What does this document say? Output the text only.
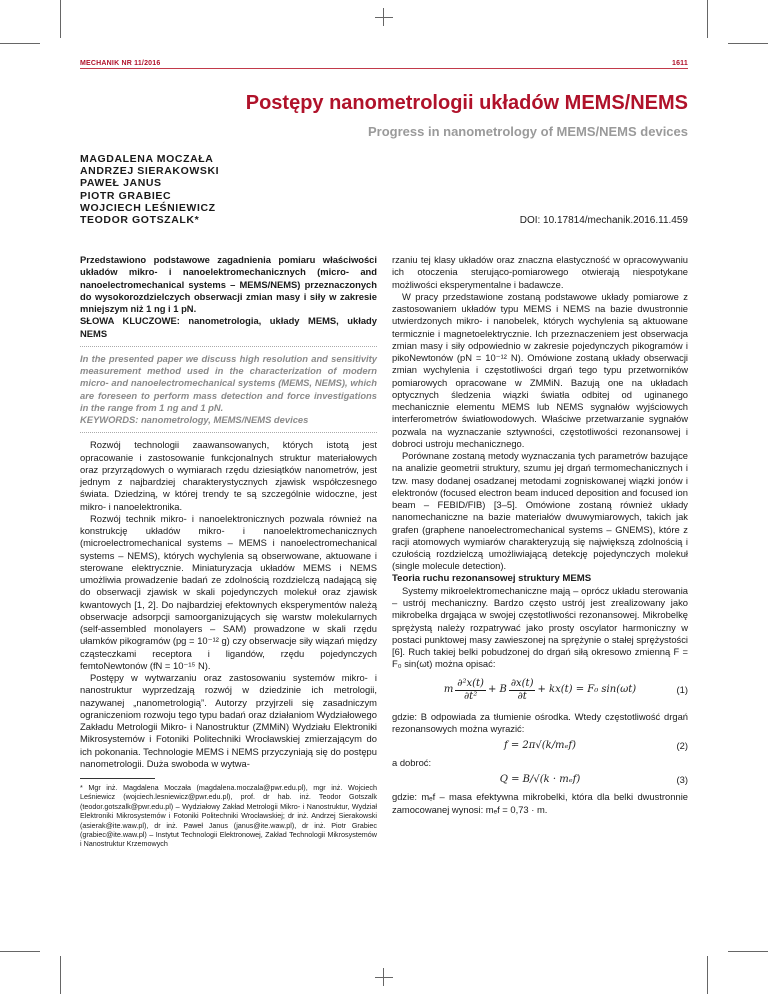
MECHANIK NR 11/2016	1611
Postępy nanometrologii układów MEMS/NEMS
Progress in nanometrology of MEMS/NEMS devices
MAGDALENA MOCZAŁA
ANDRZEJ SIERAKOWSKI
PAWEŁ JANUS
PIOTR GRABIEC
WOJCIECH LEŚNIEWICZ
TEODOR GOTSZALK*	DOI: 10.17814/mechanik.2016.11.459

Przedstawiono podstawowe zagadnienia pomiaru właściwości układów mikro- i nanoelektromechanicznych (micro- and nanoelectromechanical systems – MEMS/NEMS) przeznaczonych do wysokorozdzielczych obserwacji zmian masy i siły w zakresie mniejszym niż 1 ng i 1 pN.

SŁOWA KLUCZOWE: nanometrologia, układy MEMS, układy NEMS

In the presented paper we discuss high resolution and sensitivity measurement method used in the characterization of modern micro- and nanoelectromechanical systems (MEMS, NEMS), which are foreseen to perform mass detection and force investigations in the range from 1 ng and 1 pN.

KEYWORDS: nanometrology, MEMS/NEMS devices

Rozwój technologii zaawansowanych, których istotą jest opracowanie i zastosowanie funkcjonalnych struktur materiałowych oraz przyrządowych o wymiarach rzędu dziesiątków nanometrów, jest jednym z najbardziej charakterystycznych zjawisk współczesnego świata. Dziedziną, w której trendy te są szczególnie widoczne, jest mikro- i nanoelektronika.

Rozwój technik mikro- i nanoelektronicznych pozwala również na konstrukcję układów mikro- i nanoelektromechanicznych (microelectromechanical systems – MEMS i nanoelectromechanical systems – NEMS), których wychylenia są obserwowane, aktuowane i sterowane elektrycznie. Miniaturyzacja układów MEMS i NEMS umożliwia prowadzenie badań ze zdolnością rozdzielczą nadającą się do obserwacji zjawisk w skali pojedynczych molekuł oraz zjawisk kwantowych [1, 2]. Do najbardziej efektownych eksperymentów należą obserwacje adsorpcji samoorganizujących się warstw molekularnych (self-assembled monolayers – SAM) prowadzone w skali rzędu ułamków pikogramów (pg = 10⁻¹² g) czy obserwacje siły wiązań między cząsteczkami receptora i ligandów, rzędu pojedynczych femtoNewtonów (fN = 10⁻¹⁵ N).

Postępy w wytwarzaniu oraz zastosowaniu systemów mikro- i nanostruktur wyprzedzają rozwój w dziedzinie ich metrologii, nazywanej „nanometrologią”. Autorzy przyjrzeli się zasadniczym ograniczeniom rozwoju tego typu badań oraz działaniom Wydziałowego Zakładu Metrologii Mikro- i Nanostruktur (ZMMiN) Wydziału Elektroniki Mikrosystemów i Fotoniki Politechniki Wrocławskiej zmierzającym do ich pokonania. Technologie MEMS i NEMS przyczyniają się do postępu nanometrologii. Duża swoboda w wytwa-

* Mgr inż. Magdalena Moczała (magdalena.moczala@pwr.edu.pl), mgr inż. Wojciech Leśniewicz (wojciech.lesniewicz@pwr.edu.pl), prof. dr hab. inż. Teodor Gotszalk (teodor.gotszalk@pwr.edu.pl) – Wydziałowy Zakład Metrologii Mikro- i Nanostruktur, Wydział Elektroniki Mikrosystemów i Fotoniki Politechniki Wrocławskiej; dr inż. Andrzej Sierakowski (asierak@ite.waw.pl), dr inż. Paweł Janus (janus@ite.waw.pl), dr inż. Piotr Grabiec (grabiec@ite.waw.pl) – Instytut Technologii Elektronowej, Zakład Technologii Mikrosystemów i Nanostruktur Krzemowych

rzaniu tej klasy układów oraz znaczna elastyczność w opracowywaniu ich otoczenia sterująco-pomiarowego otwierają niespotykane możliwości eksperymentalne i badawcze.

W pracy przedstawione zostaną podstawowe układy pomiarowe z zastosowaniem układów typu MEMS i NEMS na bazie dwustronnie utwierdzonych mikro- i nanobelek, których wychylenia są aktuowane termicznie i magnetoelektrycznie. Ich przeznaczeniem jest obserwacja zmian masy i siły odpowiednio w zakresie pojedynczych pikogramów i pikoNewtonów (pN = 10⁻¹² N). Omówione zostaną układy obserwacji zmian wychylenia i częstotliwości drgań tego typu przetworników pomiarowych opracowane w ZMMiN. Bazują one na układach optycznych śledzenia wiązki światła odbitej od uginanego mechanicznie elementu MEMS lub NEMS sygnałów wyjściowych interferometrów światłowodowych. Właściwe przetwarzanie sygnałów pozwala na wyznaczanie sztywności, częstotliwości rezonansowej i dobroci ustroju mechanicznego.

Porównane zostaną metody wyznaczania tych parametrów bazujące na analizie geometrii struktury, szumu jej drgań termomechanicznych i tzw. masy dodanej osadzanej metodami zogniskowanej wiązki jonów i elektronów (focused electron beam induced deposition and focused ion beam – FEBID/FIB) [3–5]. Omówione zostaną również układy nanomechaniczne na bazie materiałów dwuwymiarowych, takich jak grafen (graphene nanoelectromechanical systems – GNEMS), które z racji atomowych wymiarów charakteryzują się największą zdolnością i czułością rozdzielczą umożliwiającą detekcję pojedynczych molekuł (single molecule detection).

Teoria ruchu rezonansowej struktury MEMS

Systemy mikroelektromechaniczne mają – oprócz układu sterowania – ustrój mechaniczny. Bardzo często ustrój jest zrealizowany jako mikrobelka drgająca w swojej częstotliwości rezonansowej. Mikrobelkę sprężystą należy rozpatrywać jako prosty oscylator harmoniczny w postaci punktowej masy zawieszonej na sprężynie o stałej sprężystości [6]. Ruch takiej belki pobudzonej do drgań siłą okresowo zmienną F = F₀ sin(ωt) można opisać:

m $\frac{\text{∂²x(t)}}{\text{∂t²}} + B \frac{\partial x(t)}{\partial t} + kx(t) = F_0$ sin(ωt)	(1)

gdzie: B odpowiada za tłumienie ośrodka. Wtedy częstotliwość drgań rezonansowych można wyrazić:

f = 2π√(k/mₑf)	(2)

a dobroć:

Q = B/√(k · mₑf)	(3)

gdzie: mₑf – masa efektywna mikrobelki, która dla belki dwustronnie zamocowanej wynosi: mₑf = 0,73 · m.
